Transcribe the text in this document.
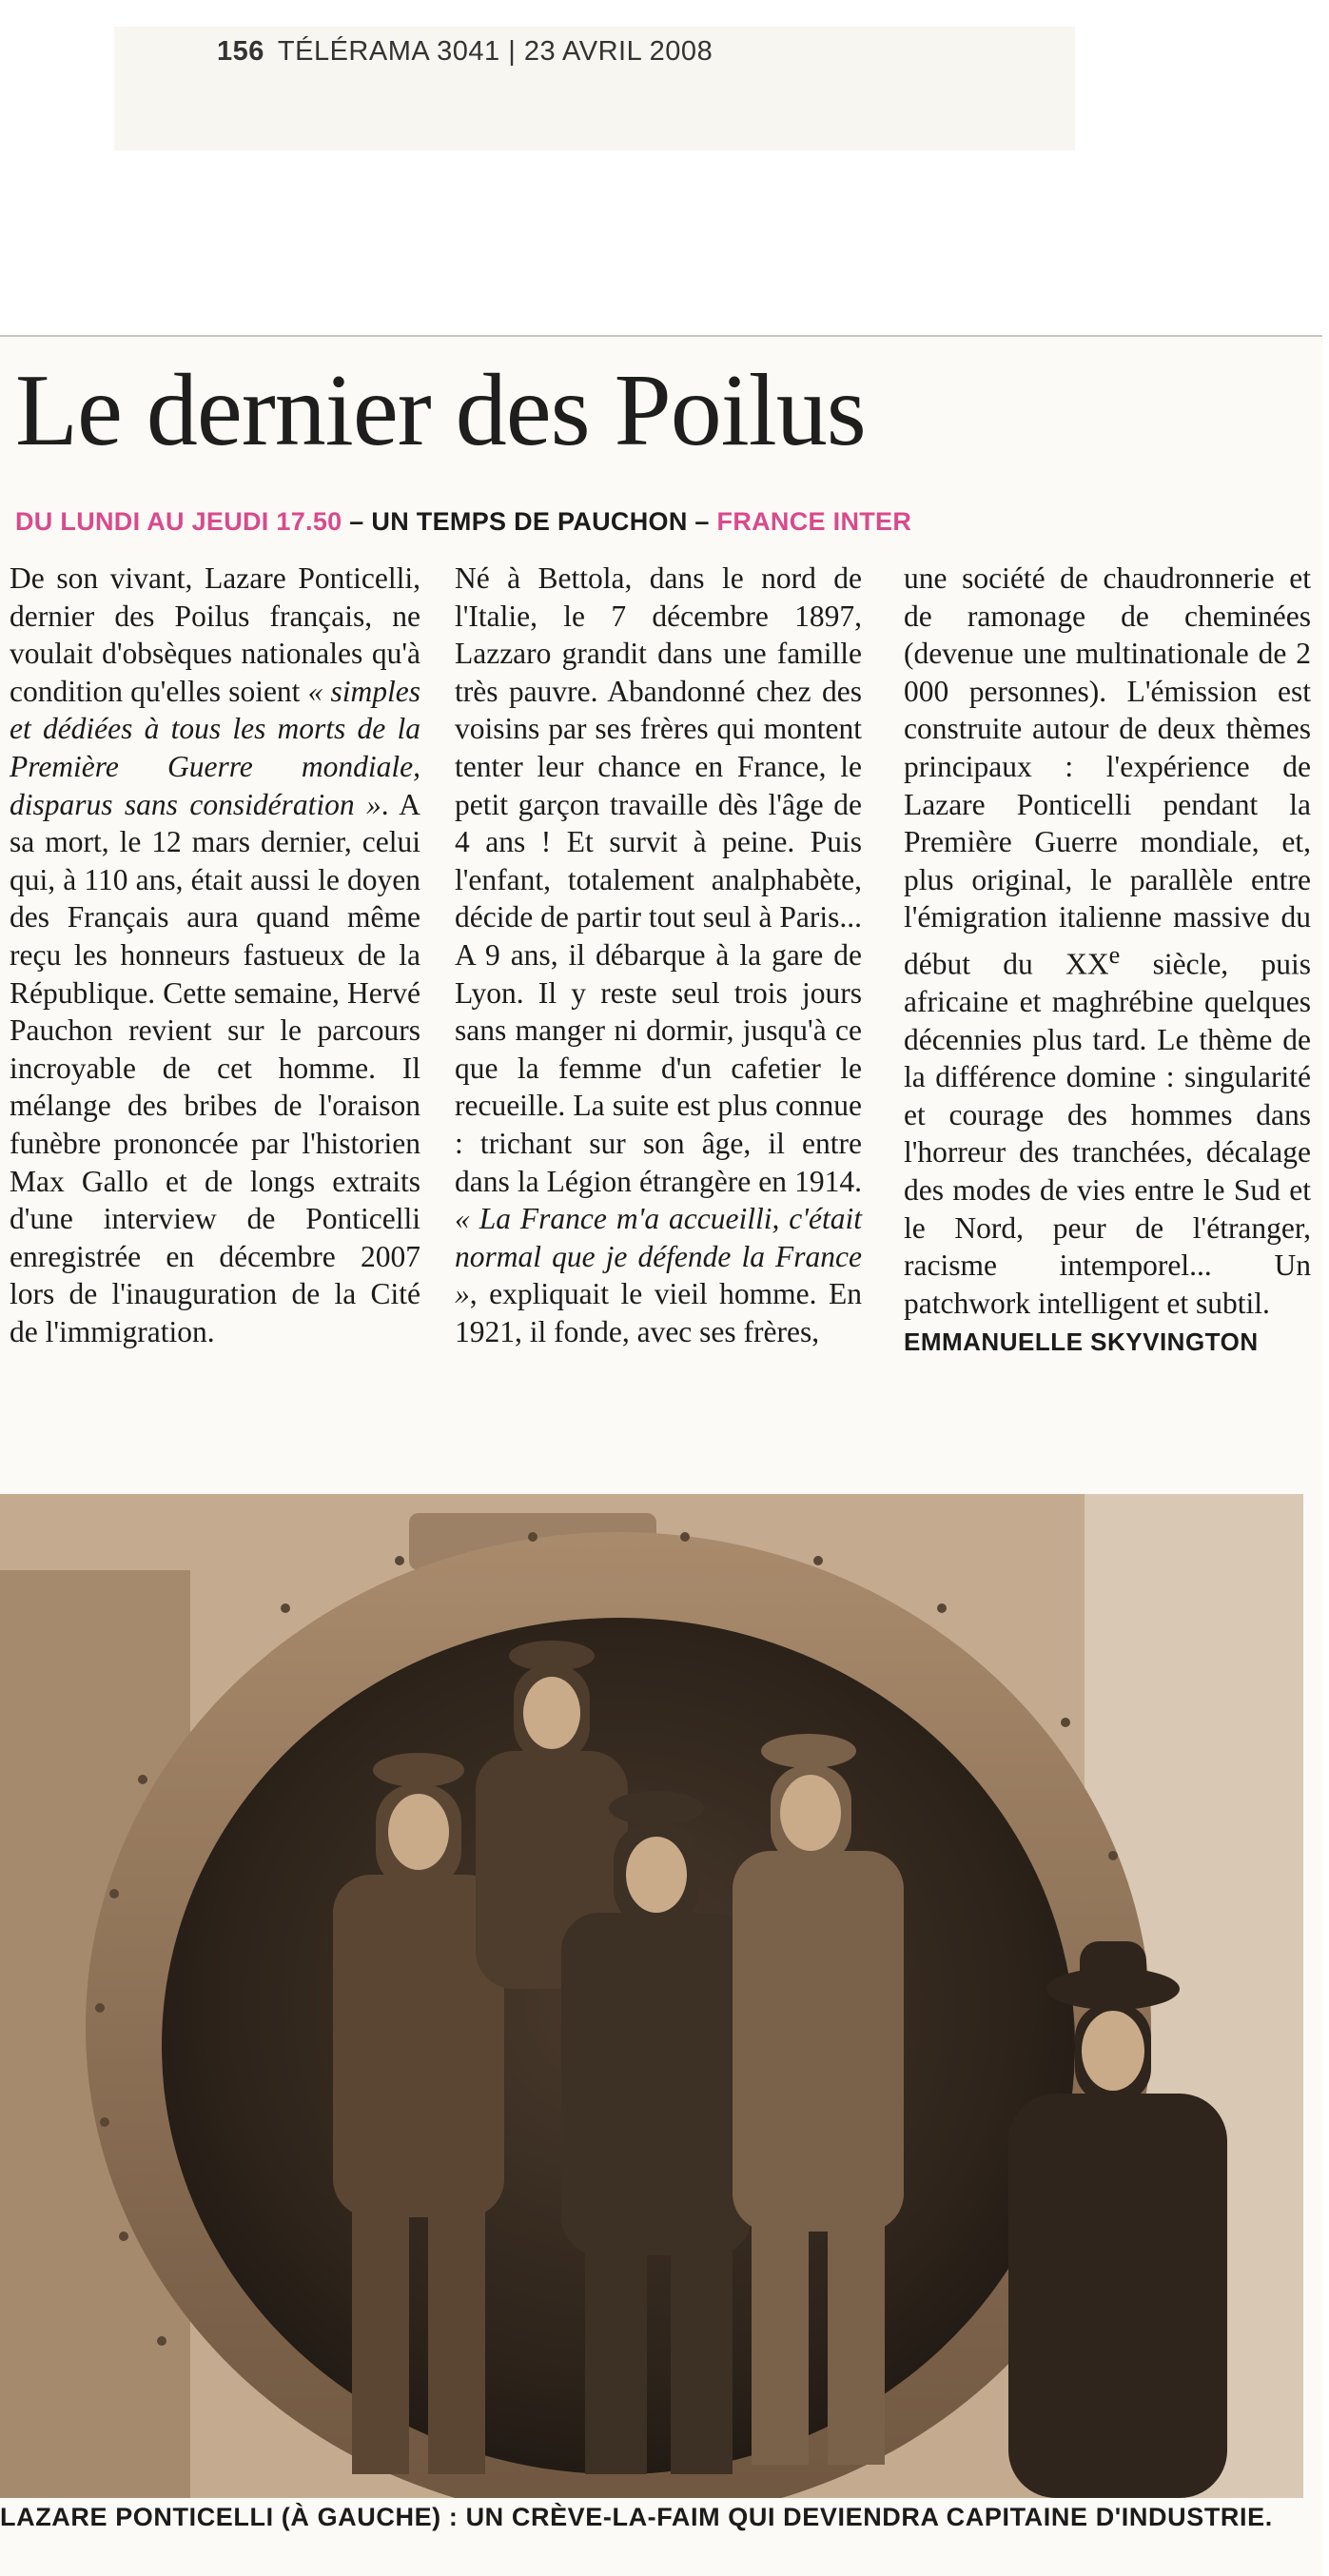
156 TÉLÉRAMA 3041 | 23 AVRIL 2008
Le dernier des Poilus
DU LUNDI AU JEUDI 17.50 – UN TEMPS DE PAUCHON – FRANCE INTER

De son vivant, Lazare Ponticelli, dernier des Poilus français, ne voulait d'obsèques nationales qu'à condition qu'elles soient « simples et dédiées à tous les morts de la Première Guerre mondiale, disparus sans considération ». A sa mort, le 12 mars dernier, celui qui, à 110 ans, était aussi le doyen des Français aura quand même reçu les honneurs fastueux de la République. Cette semaine, Hervé Pauchon revient sur le parcours incroyable de cet homme. Il mélange des bribes de l'oraison funèbre prononcée par l'historien Max Gallo et de longs extraits d'une interview de Ponticelli enregistrée en décembre 2007 lors de l'inauguration de la Cité de l'immigration.

Né à Bettola, dans le nord de l'Italie, le 7 décembre 1897, Lazzaro grandit dans une famille très pauvre. Abandonné chez des voisins par ses frères qui montent tenter leur chance en France, le petit garçon travaille dès l'âge de 4 ans ! Et survit à peine. Puis l'enfant, totalement analphabète, décide de partir tout seul à Paris... A 9 ans, il débarque à la gare de Lyon. Il y reste seul trois jours sans manger ni dormir, jusqu'à ce que la femme d'un cafetier le recueille. La suite est plus connue : trichant sur son âge, il entre dans la Légion étrangère en 1914. « La France m'a accueilli, c'était normal que je défende la France », expliquait le vieil homme. En 1921, il fonde, avec ses frères,

une société de chaudronnerie et de ramonage de cheminées (devenue une multinationale de 2 000 personnes). L'émission est construite autour de deux thèmes principaux : l'expérience de Lazare Ponticelli pendant la Première Guerre mondiale, et, plus original, le parallèle entre l'émigration italienne massive du début du XXe siècle, puis africaine et maghrébine quelques décennies plus tard. Le thème de la différence domine : singularité et courage des hommes dans l'horreur des tranchées, décalage des modes de vies entre le Sud et le Nord, peur de l'étranger, racisme intemporel... Un patchwork intelligent et subtil.

EMMANUELLE SKYVINGTON
LAZARE PONTICELLI (À GAUCHE) : UN CRÈVE-LA-FAIM QUI DEVIENDRA CAPITAINE D'INDUSTRIE.
